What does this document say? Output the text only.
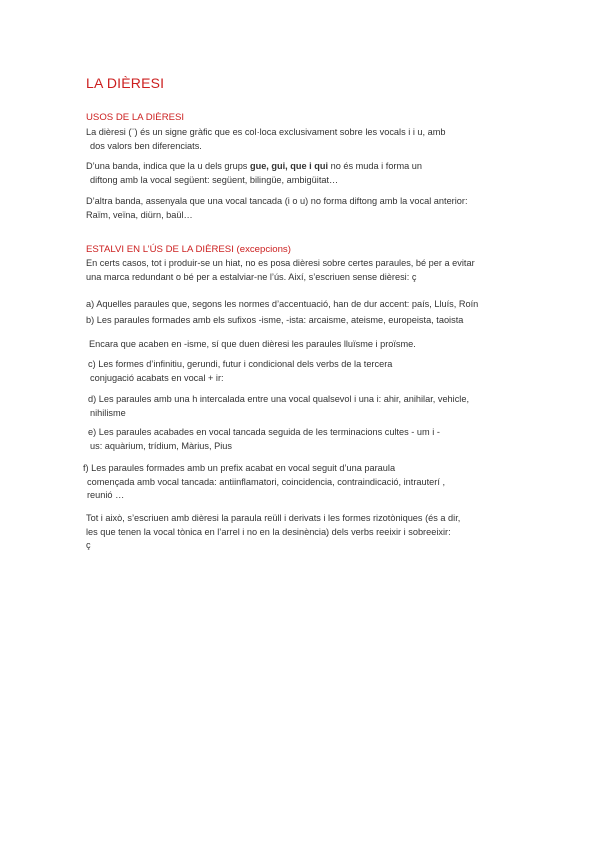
LA DIÈRESI
USOS DE LA DIÈRESI
La dièresi (¨) és un signe gràfic que es col·loca exclusivament sobre les vocals i i u, amb
dos valors ben diferenciats.
D’una banda, indica que la u dels grups gue, gui, que i qui no és muda i forma un
diftong amb la vocal següent: següent, bilingüe, ambigüitat…
D’altra banda, assenyala que una vocal tancada (i o u) no forma diftong amb la vocal anterior:
Raïm, veïna, diürn, baül…
ESTALVI EN L’ÚS DE LA DIÈRESI (excepcions)
En certs casos, tot i produir-se un hiat, no es posa dièresi sobre certes paraules, bé per a evitar
una marca redundant o bé per a estalviar-ne l’ús. Així, s’escriuen sense dièresi: ç
a) Aquelles paraules que, segons les normes d’accentuació, han de dur accent: país, Lluís, Roín
b) Les paraules formades amb els sufixos -isme, -ista: arcaisme, ateisme, europeista, taoista
Encara que acaben en -isme, sí que duen dièresi les paraules lluïsme i proïsme.
c) Les formes d’infinitiu, gerundi, futur i condicional dels verbs de la tercera
conjugació acabats en vocal + ir:
d) Les paraules amb una h intercalada entre una vocal qualsevol i una i: ahir, anihilar, vehicle,
nihilisme
e) Les paraules acabades en vocal tancada seguida de les terminacions cultes - um i -
us: aquàrium, trídium, Màrius, Pius
f) Les paraules formades amb un prefix acabat en vocal seguit d’una paraula
començada amb vocal tancada: antiinflamatori, coincidencia, contraindicació, intrauterí ,
reunió …
Tot i això, s’escriuen amb dièresi la paraula reüll i derivats i les formes rizotòniques (és a dir,
les que tenen la vocal tònica en l’arrel i no en la desinència) dels verbs reeixir i sobreeixir:
ç
